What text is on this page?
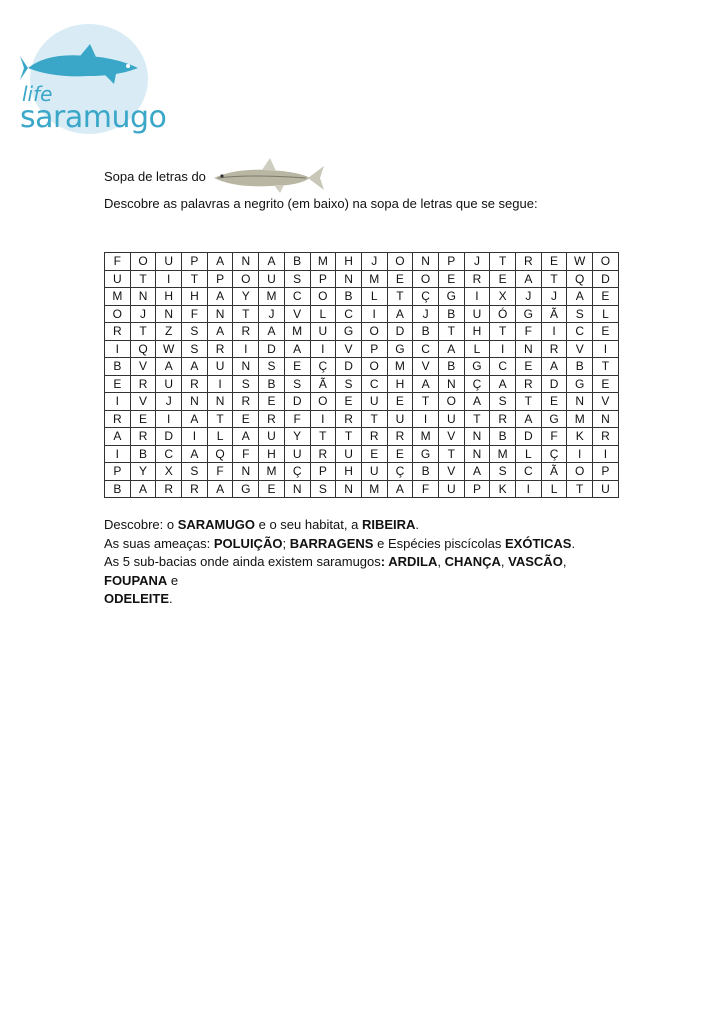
life
saramugo
Sopa de letras do
Descobre as palavras a negrito (em baixo) na sopa de letras que se segue:
F	O	U	P	A	N	A	B	M	H	J	O	N	P	J	T	R	E	W	O
U	T	I	T	P	O	U	S	P	N	M	E	O	E	R	E	A	T	Q	D
M	N	H	H	A	Y	M	C	O	B	L	T	Ç	G	I	X	J	J	A	E
O	J	N	F	N	T	J	V	L	C	I	A	J	B	U	Ó	G	Ã	S	L
R	T	Z	S	A	R	A	M	U	G	O	D	B	T	H	T	F	I	C	E
I	Q	W	S	R	I	D	A	I	V	P	G	C	A	L	I	N	R	V	I
B	V	A	A	U	N	S	E	Ç	D	O	M	V	B	G	C	E	A	B	T
E	R	U	R	I	S	B	S	Ã	S	C	H	A	N	Ç	A	R	D	G	E
I	V	J	N	N	R	E	D	O	E	U	E	T	O	A	S	T	E	N	V
R	E	I	A	T	E	R	F	I	R	T	U	I	U	T	R	A	G	M	N
A	R	D	I	L	A	U	Y	T	T	R	R	M	V	N	B	D	F	K	R
I	B	C	A	Q	F	H	U	R	U	E	E	G	T	N	M	L	Ç	I	I
P	Y	X	S	F	N	M	Ç	P	H	U	Ç	B	V	A	S	C	Ã	O	P
B	A	R	R	A	G	E	N	S	N	M	A	F	U	P	K	I	L	T	U

Descobre: o SARAMUGO e o seu habitat, a RIBEIRA.

As suas ameaças: POLUIÇÃO; BARRAGENS e Espécies piscícolas EXÓTICAS.

As 5 sub-bacias onde ainda existem saramugos: ARDILA, CHANÇA, VASCÃO, FOUPANA e

ODELEITE.
